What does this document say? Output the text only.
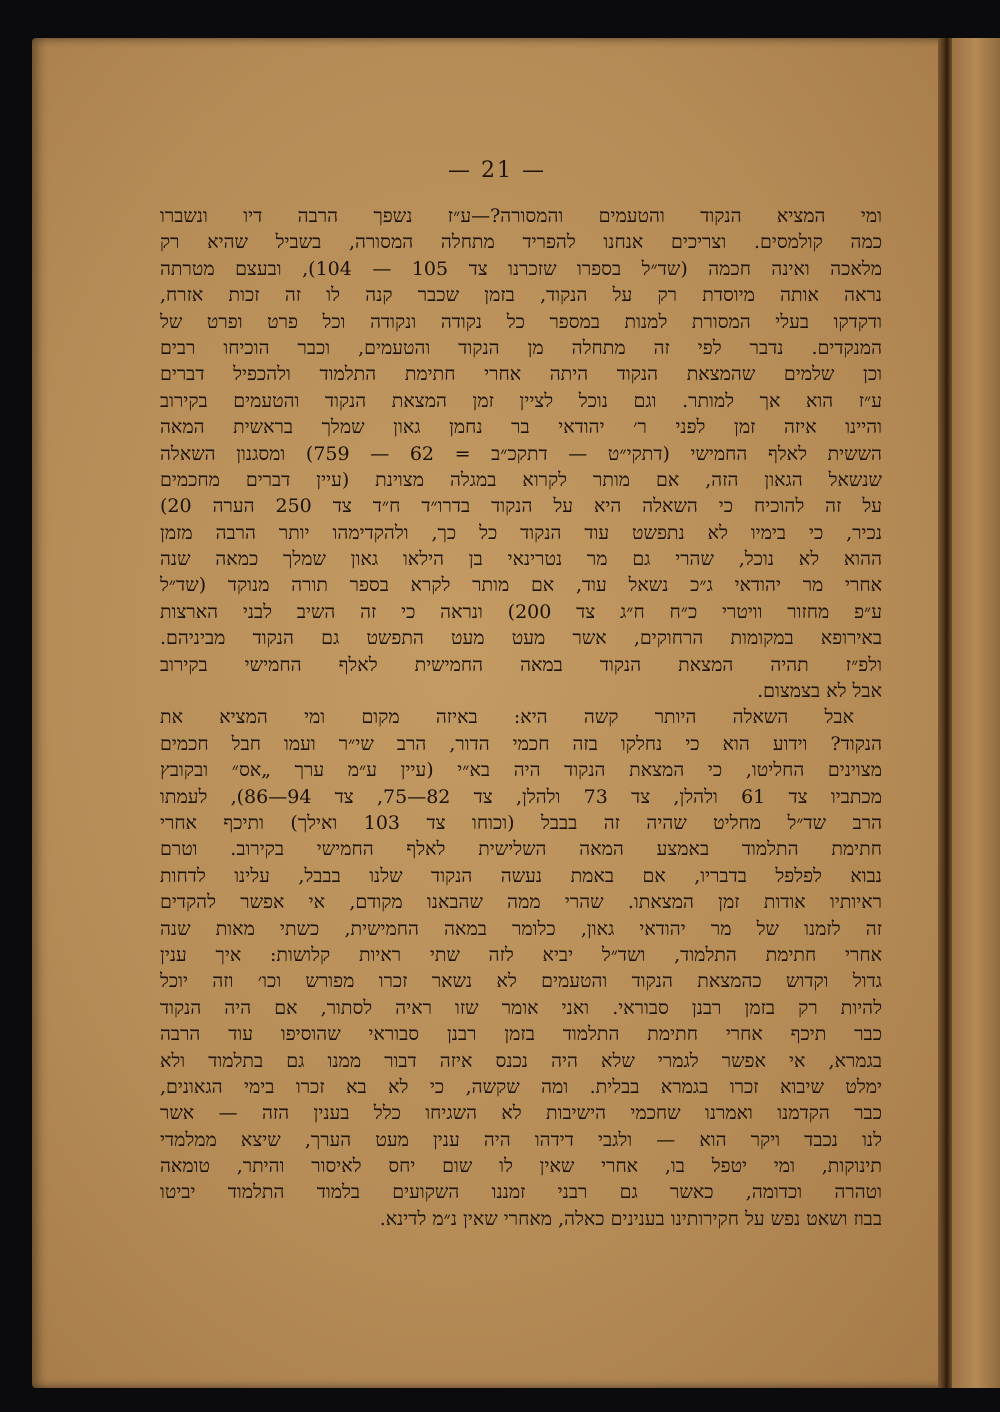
— 21 —
ומי המציא הנקוד והטעמים והמסורה?—ע״ז נשפך הרבה דיו ונשברו
כמה קולמסים. וצריכים אנחנו להפריד מתחלה המסורה, בשביל שהיא רק
מלאכה ואינה חכמה (שד״ל בספרו שזכרנו צד 105 — 104), ובעצם מטרתה
נראה אותה מיוסדת רק על הנקוד, בזמן שכבר קנה לו זה זכות אזרח,
ודקדקו בעלי המסורת למנות במספר כל נקודה ונקודה וכל פרט ופרט של
המנקדים. נדבר לפי זה מתחלה מן הנקוד והטעמים, וכבר הוכיחו רבים
וכן שלמים שהמצאת הנקוד היתה אחרי חתימת התלמוד ולהכפיל דברים
ע״ז הוא אך למותר. וגם נוכל לציין זמן המצאת הנקוד והטעמים בקירוב
והיינו איזה זמן לפני ר׳ יהודאי בר נחמן גאון שמלך בראשית המאה
הששית לאלף החמישי (דתקי״ט — דתקכ״ב = 62 — 759) ומסגנון השאלה
שנשאל הגאון הזה, אם מותר לקרוא במגלה מצוינת (עיין דברים מחכמים
על זה להוכיח כי השאלה היא על הנקוד בדרו״ד ח״ד צד 250 הערה 20)
נכיר, כי בימיו לא נתפשט עוד הנקוד כל כך, ולהקדימהו יותר הרבה מזמן
ההוא לא נוכל, שהרי גם מר נטרינאי בן הילאו גאון שמלך כמאה שנה
אחרי מר יהודאי ג״כ נשאל עוד, אם מותר לקרא בספר תורה מנוקד (שד״ל
ע״פ מחזור וויטרי כ״ח ח״ג צד 200) ונראה כי זה השיב לבני הארצות
באירופא במקומות הרחוקים, אשר מעט מעט התפשט גם הנקוד מביניהם.
ולפ״ז תהיה המצאת הנקוד במאה החמישית לאלף החמישי בקירוב
אבל לא בצמצום.
אבל השאלה היותר קשה היא: באיזה מקום ומי המציא את
הנקוד? וידוע הוא כי נחלקו בזה חכמי הדור, הרב שי״ר ועמו חבל חכמים
מצוינים החליטו, כי המצאת הנקוד היה בא״י (עיין ע״מ ערך „אס״ ובקובץ
מכתביו צד 61 ולהלן, צד 73 ולהלן, צד 82—75, צד 94—86), לעמתו
הרב שד״ל מחליט שהיה זה בבבל (וכוחו צד 103 ואילך) ותיכף אחרי
חתימת התלמוד באמצע המאה השלישית לאלף החמישי בקירוב. וטרם
נבוא לפלפל בדבריו, אם באמת נעשה הנקוד שלנו בבבל, עלינו לדחות
ראיותיו אודות זמן המצאתו. שהרי ממה שהבאנו מקודם, אי אפשר להקדים
זה לזמנו של מר יהודאי גאון, כלומר במאה החמישית, כשתי מאות שנה
אחרי חתימת התלמוד, ושד״ל יביא לזה שתי ראיות קלושות: איך ענין
גדול וקדוש כהמצאת הנקוד והטעמים לא נשאר זכרו מפורש וכו׳ וזה יוכל
להיות רק בזמן רבנן סבוראי. ואני אומר שזו ראיה לסתור, אם היה הנקוד
כבר תיכף אחרי חתימת התלמוד בזמן רבנן סבוראי שהוסיפו עוד הרבה
בגמרא, אי אפשר לגמרי שלא היה נכנס איזה דבור ממנו גם בתלמוד ולא
ימלט שיבוא זכרו בגמרא בבלית. ומה שקשה, כי לא בא זכרו בימי הגאונים,
כבר הקדמנו ואמרנו שחכמי הישיבות לא השגיחו כלל בענין הזה — אשר
לנו נכבד ויקר הוא — ולגבי דידהו היה ענין מעט הערך, שיצא ממלמדי
תינוקות, ומי יטפל בו, אחרי שאין לו שום יחס לאיסור והיתר, טומאה
וטהרה וכדומה, כאשר גם רבני זמננו השקועים בלמוד התלמוד יביטו
בבוז ושאט נפש על חקירותינו בענינים כאלה, מאחרי שאין נ״מ לדינא.
